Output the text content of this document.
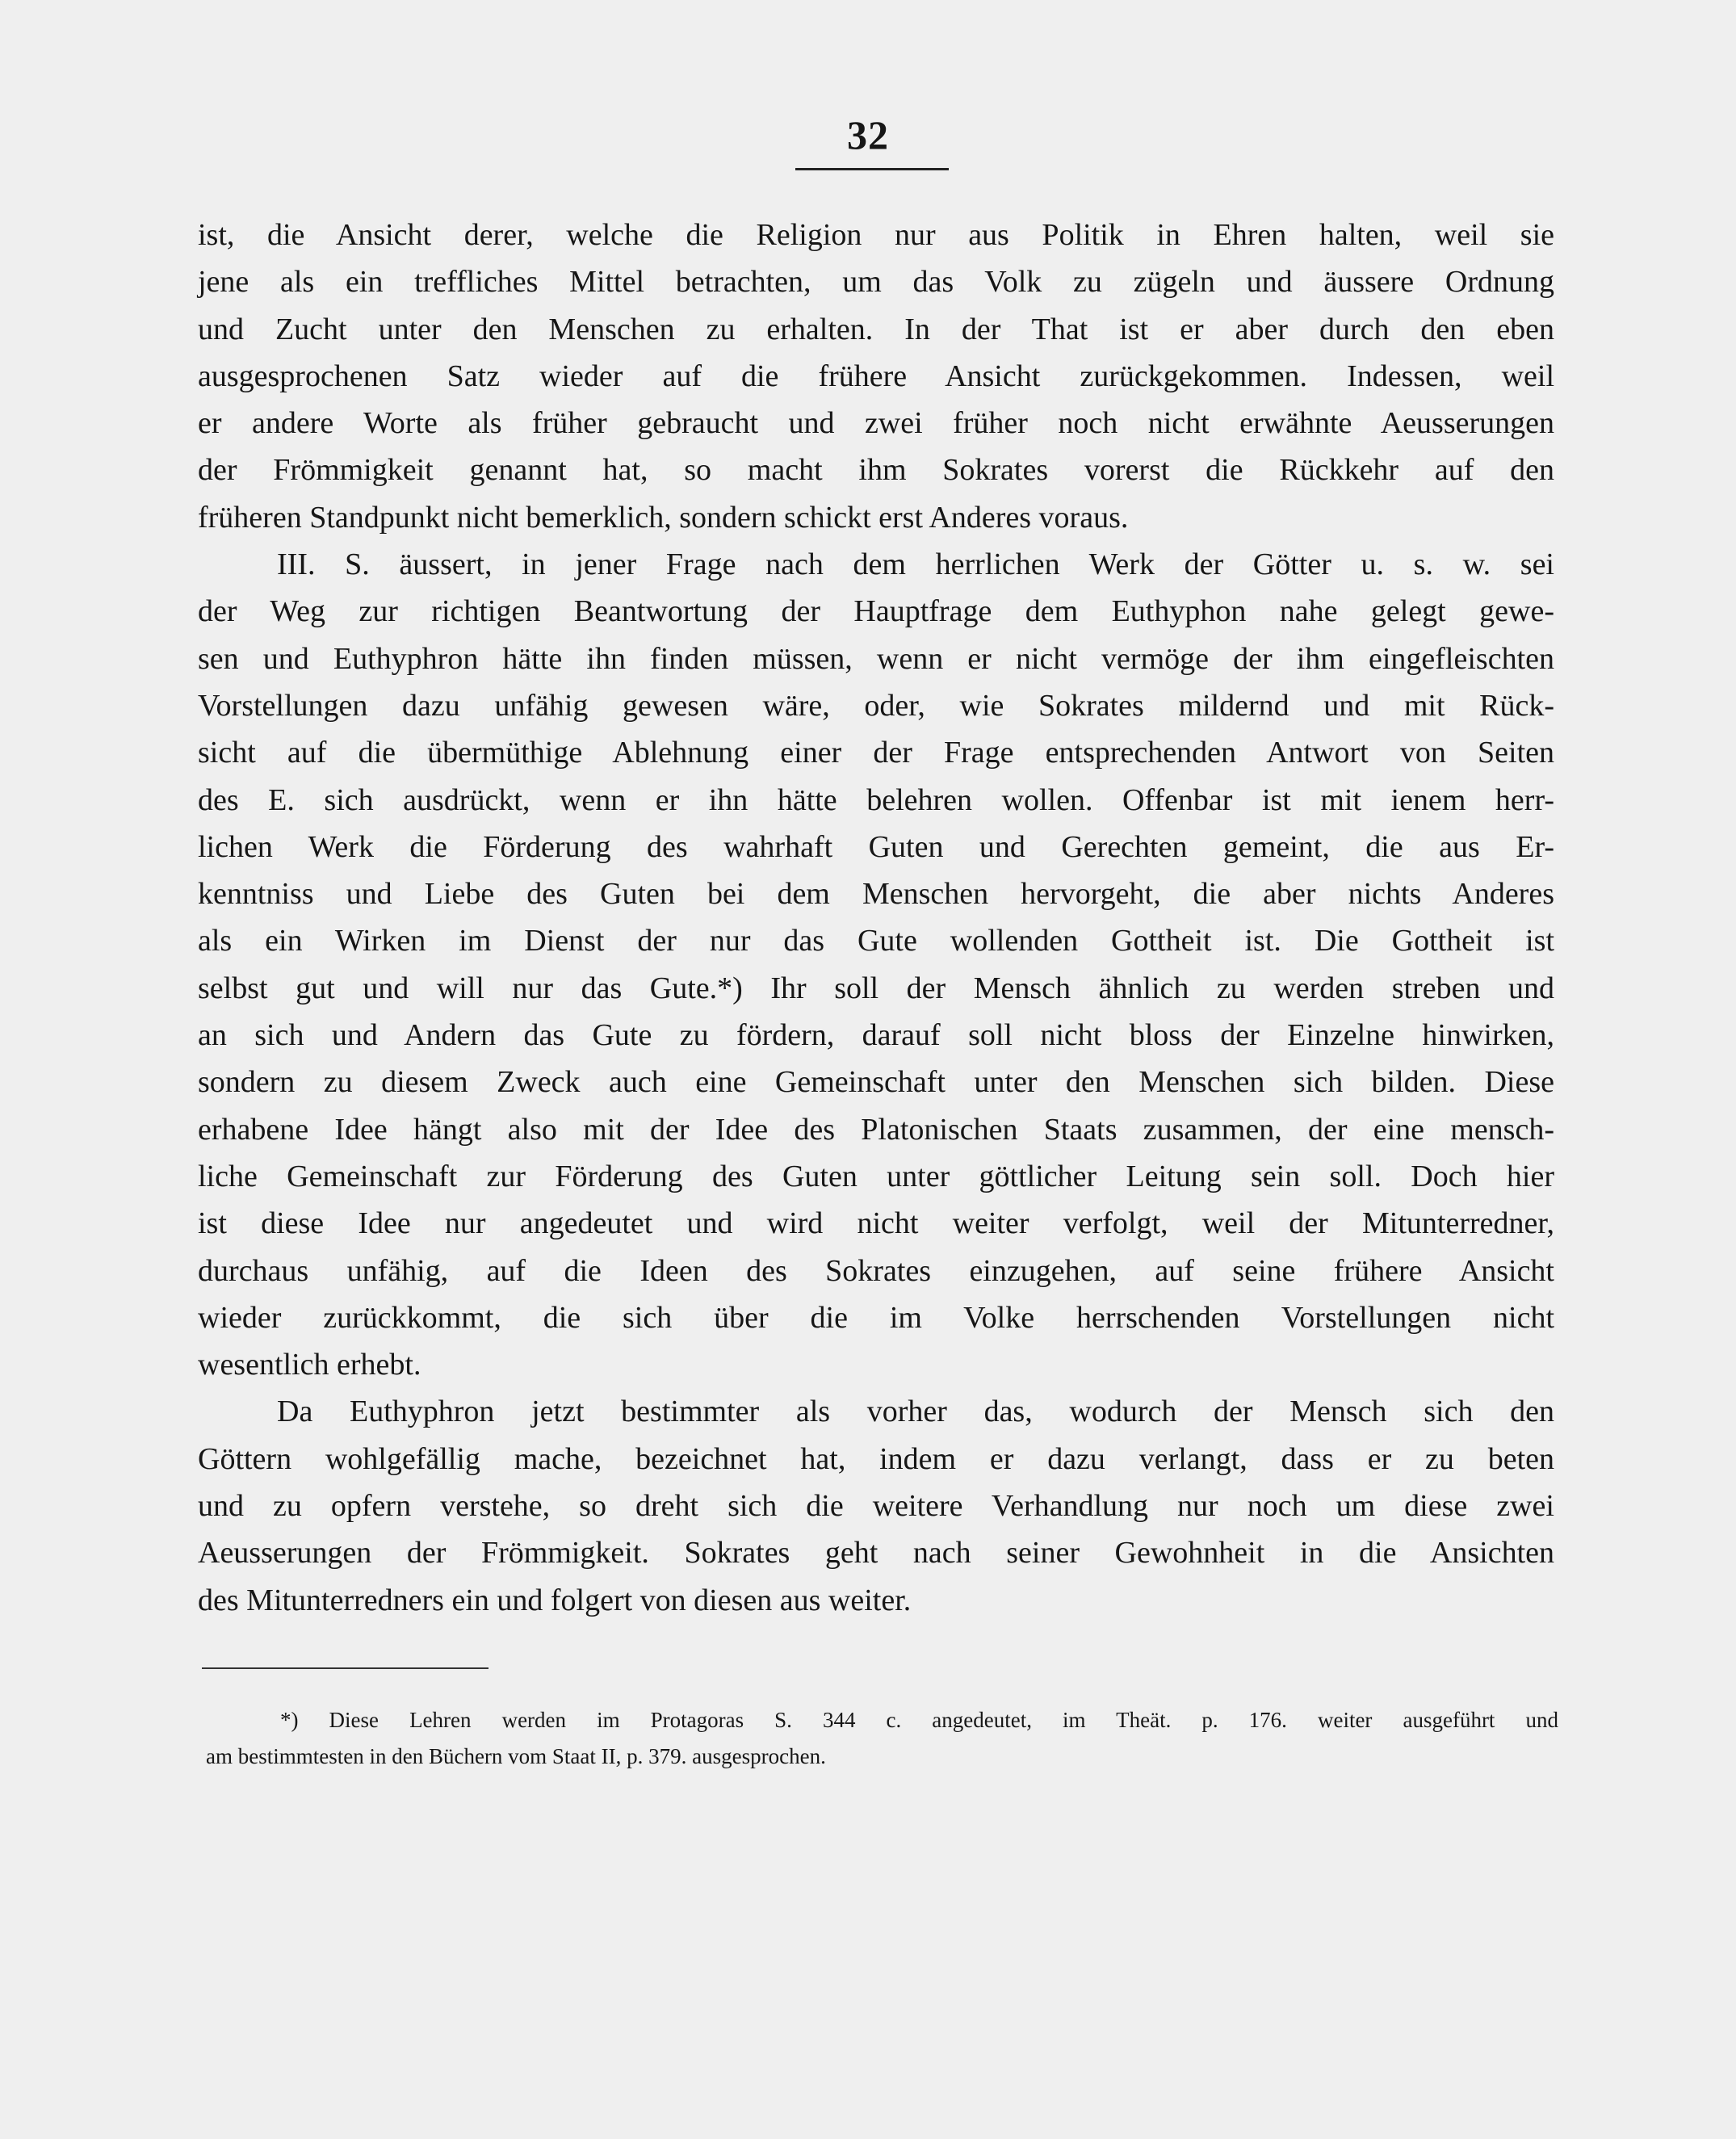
32
ist, die Ansicht derer, welche die Religion nur aus Politik in Ehren halten, weil sie
jene als ein treffliches Mittel betrachten, um das Volk zu zügeln und äussere Ordnung
und Zucht unter den Menschen zu erhalten. In der That ist er aber durch den eben
ausgesprochenen Satz wieder auf die frühere Ansicht zurückgekommen. Indessen, weil
er andere Worte als früher gebraucht und zwei früher noch nicht erwähnte Aeusserungen
der Frömmigkeit genannt hat, so macht ihm Sokrates vorerst die Rückkehr auf den
früheren Standpunkt nicht bemerklich, sondern schickt erst Anderes voraus.
III. S. äussert, in jener Frage nach dem herrlichen Werk der Götter u. s. w. sei
der Weg zur richtigen Beantwortung der Hauptfrage dem Euthyphon nahe gelegt gewe-
sen und Euthyphron hätte ihn finden müssen, wenn er nicht vermöge der ihm eingefleischten
Vorstellungen dazu unfähig gewesen wäre, oder, wie Sokrates mildernd und mit Rück-
sicht auf die übermüthige Ablehnung einer der Frage entsprechenden Antwort von Seiten
des E. sich ausdrückt, wenn er ihn hätte belehren wollen. Offenbar ist mit ienem herr-
lichen Werk die Förderung des wahrhaft Guten und Gerechten gemeint, die aus Er-
kenntniss und Liebe des Guten bei dem Menschen hervorgeht, die aber nichts Anderes
als ein Wirken im Dienst der nur das Gute wollenden Gottheit ist. Die Gottheit ist
selbst gut und will nur das Gute.*) Ihr soll der Mensch ähnlich zu werden streben und
an sich und Andern das Gute zu fördern, darauf soll nicht bloss der Einzelne hinwirken,
sondern zu diesem Zweck auch eine Gemeinschaft unter den Menschen sich bilden. Diese
erhabene Idee hängt also mit der Idee des Platonischen Staats zusammen, der eine mensch-
liche Gemeinschaft zur Förderung des Guten unter göttlicher Leitung sein soll. Doch hier
ist diese Idee nur angedeutet und wird nicht weiter verfolgt, weil der Mitunterredner,
durchaus unfähig, auf die Ideen des Sokrates einzugehen, auf seine frühere Ansicht
wieder zurückkommt, die sich über die im Volke herrschenden Vorstellungen nicht
wesentlich erhebt.
Da Euthyphron jetzt bestimmter als vorher das, wodurch der Mensch sich den
Göttern wohlgefällig mache, bezeichnet hat, indem er dazu verlangt, dass er zu beten
und zu opfern verstehe, so dreht sich die weitere Verhandlung nur noch um diese zwei
Aeusserungen der Frömmigkeit. Sokrates geht nach seiner Gewohnheit in die Ansichten
des Mitunterredners ein und folgert von diesen aus weiter.
*) Diese Lehren werden im Protagoras S. 344 c. angedeutet, im Theät. p. 176. weiter ausgeführt und
am bestimmtesten in den Büchern vom Staat II, p. 379. ausgesprochen.
